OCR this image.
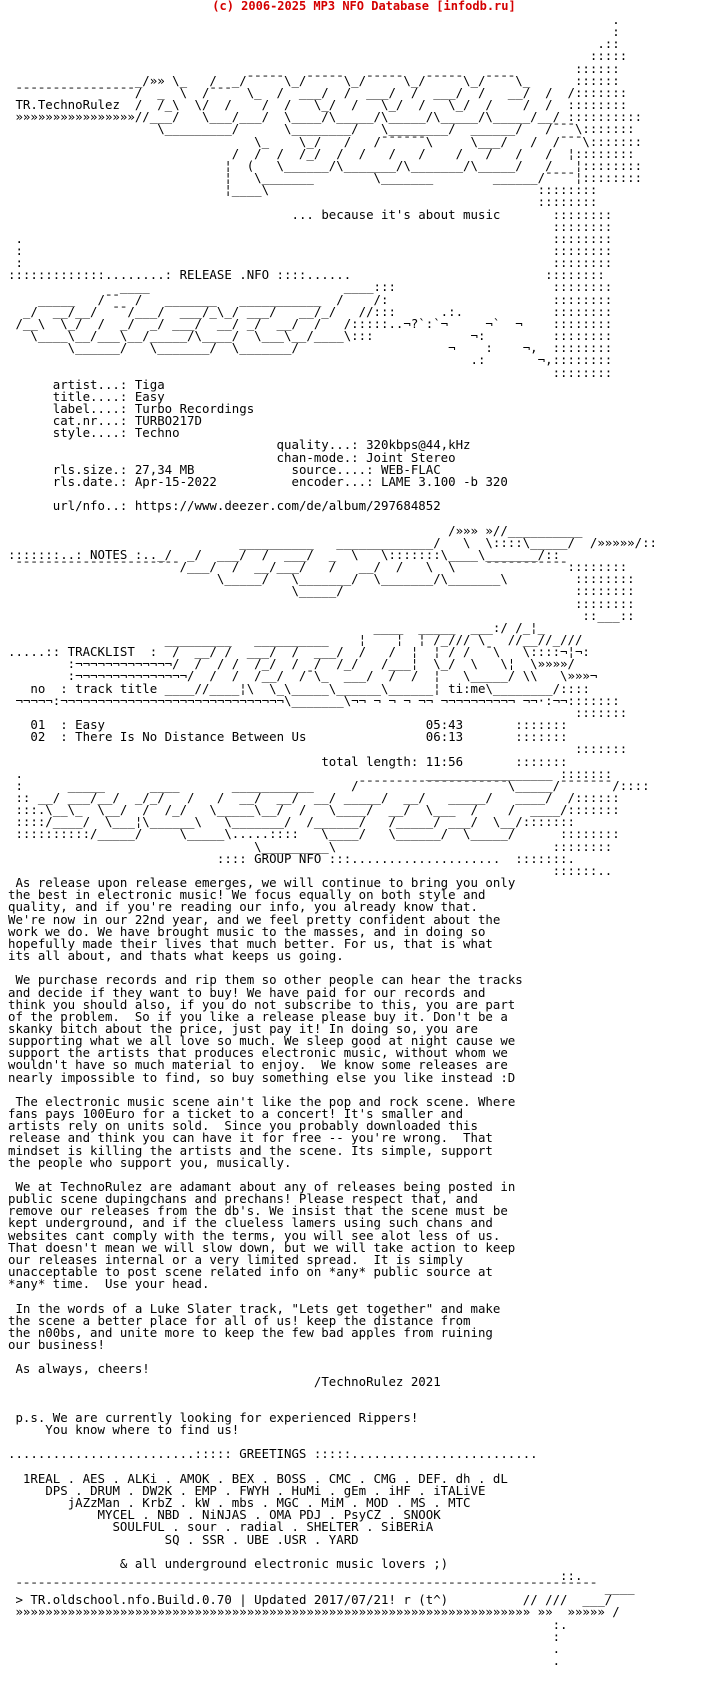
(c) 2006-2025 MP3 NFO Database [infodb.ru]
.
:
.::
:::::
::::::
_/»» \_   /  _/¯¯¯¯¯\_/¯¯¯¯¯\_/¯¯¯¯¯\_/¯¯¯¯¯\_/¯¯¯¯\_      ::::::
¯¯¯¯¯¯¯¯¯¯¯¯¯¯¯¯/  _  \  /¯¯¯  \_  /  ___/  /  ___/  /  ___/  /   __/  /  /:::::::
TR.TechnoRulez  /  /_\  \/  /    /  /   \_/  /   \_/  /   \_/  /    /  /  ::::::::
»»»»»»»»»»»»»»»»//___/   \___/___/  \____/\_____/\_____/\_____/\_____/__/ ::::::::::
\_________/      \________/   \________/  ______/   /¯¯¯\:::::::
\_    \_/   /   /¯¯¯¯¯¯\     \___/   /  /¯¯¯\:::::::
/  /  /  /_/  /  /   /   /    /   /   /   /  ¦::::::::
¦  (   \______/\_______/\_______/\_____/   /   ¦::::::::
¦   \_______        \_______        ______/¯¯¯¯¦::::::::
¦____\                                    ::::::::
::::::::
... because it's about music	::::::::
::::::::
.                                                                       ::::::::
:                                                                       ::::::::
:                                                                       ::::::::
:::::::::::::........: RELEASE .NFO ::::......	::::::::
____                          ____:::                     ::::::::
_____   /¯¯  /   _______   ___________  /    /:                      ::::::::
_/  __/__/  ¯¯/___/  ___/_\_/ ___/   __/_/   //:::      .:.            ::::::::
/__\  \_/  /  _/  _/ ___/  __/ _/  __/  /   /:::::..¬?`:`¬     ¬`  ¬    ::::::::
\____\__/___\__/_____/\____/  \___\__/____\:::             ¬:         ::::::::
\______/   \_______/  \_______/                    ¬    :    ¬,  ::::::::
.:       ¬,::::::::
::::::::
artist...: Tiga
title....: Easy
label....: Turbo Recordings
cat.nr...: TURBO217D
style....: Techno
quality...: 320kbps@44,kHz
chan-mode.: Joint Stereo
rls.size.: 27,34 MB             source....: WEB-FLAC
rls.date.: Apr-15-2022          encoder...: LAME 3.100 -b 320

url/nfo..: https://www.deezer.com/de/album/297684852

/»»» »//__________
__________   _____________/   \  \::::\_____/  /»»»»»/::
:::::::..: NOTES :.._/  _/  ___/  /  ___/  _  \   \:::::::\____\_______/::
¯¯¯¯¯¯¯¯¯¯¯¯¯¯¯¯¯¯¯¯¯¯/___/  /  __/___/   /   __/  /   \  \    ¯¯¯¯¯¯¯¯¯¯¯::::::::
\_____/   \_______/  \_______/\_______\         ::::::::
\_____/                               ::::::::
::::::::
::___::
____  _____  ___:/ /_¦_
_________   __________    ¦    ¦  ¦ /_/// \   //__//_///
.....:: TRACKLIST  :  /  __/ /  ___/  /  ___/  /   /  ¦  ¦ / /  ¯\   \::::¬¦¬:
:¬¬¬¬¬¬¬¬¬¬¬¬¬/  /  / /  /_/  /  /  /_/   /___¦  \_/  \   \¦  \»»»»/
:¬¬¬¬¬¬¬¬¬¬¬¬¬¬¬/  /  /  /__/  /¯\_  ___/  /  /  ¦   \_____/ \\   \»»»¬
no  : track title ____//____¦\  \_\_____\______\______¦ ti:me\________/::::
¬¬¬¬¬:¬¬¬¬¬¬¬¬¬¬¬¬¬¬¬¬¬¬¬¬¬¬¬¬¬¬¬¬¬¬\_______\¬¬ ¬ ¬ ¬ ¬¬ ¬¬¬¬¬¬¬¬¬¬ ¬¬·:¬¬:::::::
:::::::
01  : Easy	05:43	:::::::
02  : There Is No Distance Between Us	06:13	:::::::
:::::::
total length: 11:56	:::::::
.                                                      _________________ :::::::
:      _____      ____       ___________     /¯¯¯¯¯¯¯¯¯¯¯¯¯¯¯¯¯¯¯¯\_____/¯¯¯¯¯¯¯/::::
:: __/ ___/__/  _/_/   /   /  __/  __/  __/ _____/  __/   _____/   ____/  /::::::
:::.\__\_  \__/  /  /_/   \_____\__/  /   \____/  __/  \___  /    /  ____/:::::::
::::/____/  \___¦\______\   \_______/  /______/   /_____/ ___/  \__/:::::::
::::::::::/_____/     \_____\.....::::   \____/   \______/  \_____/      ::::::::
\_________\                             ::::::::
:::: GROUP NFO :::....................  :::::::.
::::::..
As release upon release emerges, we will continue to bring you only
the best in electronic music! We focus equally on both style and
quality, and if you're reading our info, you already know that.
We're now in our 22nd year, and we feel pretty confident about the
work we do. We have brought music to the masses, and in doing so
hopefully made their lives that much better. For us, that is what
its all about, and thats what keeps us going.

We purchase records and rip them so other people can hear the tracks
and decide if they want to buy! We have paid for our records and
think you should also, if you do not subscribe to this, you are part
of the problem.  So if you like a release please buy it. Don't be a
skanky bitch about the price, just pay it! In doing so, you are
supporting what we all love so much. We sleep good at night cause we
support the artists that produces electronic music, without whom we
wouldn't have so much material to enjoy.  We know some releases are
nearly impossible to find, so buy something else you like instead :D

The electronic music scene ain't like the pop and rock scene. Where
fans pays 100Euro for a ticket to a concert! It's smaller and
artists rely on units sold.  Since you probably downloaded this
release and think you can have it for free -- you're wrong.  That
mindset is killing the artists and the scene. Its simple, support
the people who support you, musically.

We at TechnoRulez are adamant about any of releases being posted in
public scene dupingchans and prechans! Please respect that, and
remove our releases from the db's. We insist that the scene must be
kept underground, and if the clueless lamers using such chans and
websites cant comply with the terms, you will see alot less of us.
That doesn't mean we will slow down, but we will take action to keep
our releases internal or a very limited spread.  It is simply
unacceptable to post scene related info on *any* public source at
*any* time.  Use your head.

In the words of a Luke Slater track, "Lets get together" and make
the scene a better place for all of us! keep the distance from
the n00bs, and unite more to keep the few bad apples from ruining
our business!

As always, cheers!
/TechnoRulez 2021

p.s. We are currently looking for experienced Rippers!
You know where to find us!

.........................::::: GREETINGS :::::.........................

1REAL . AES . ALKi . AMOK . BEX . BOSS . CMC . CMG . DEF. dh . dL
DPS . DRUM . DW2K . EMP . FWYH . HuMi . gEm . iHF . iTALiVE
jAZzMan . KrbZ . kW . mbs . MGC . MiM . MOD . MS . MTC
MYCEL . NBD . NiNJAS . OMA PDJ . PsyCZ . SNOOK
SOULFUL . sour . radial . SHELTER . SiBERiA
SQ . SSR . UBE .USR . YARD

& all underground electronic music lovers ;)
::.
¯¯¯¯¯¯¯¯¯¯¯¯¯¯¯¯¯¯¯¯¯¯¯¯¯¯¯¯¯¯¯¯¯¯¯¯¯¯¯¯¯¯¯¯¯¯¯¯¯¯¯¯¯¯¯¯¯¯¯¯¯¯¯¯¯¯¯¯¯¯¯¯¯¯¯¯¯¯ ____
> TR.oldschool.nfo.Build.0.70 | Updated 2017/07/21! r (t^)	// ///  ___/
»»»»»»»»»»»»»»»»»»»»»»»»»»»»»»»»»»»»»»»»»»»»»»»»»»»»»»»»»»»»»»»»»»»»» »»  »»»»» /
:.
:
.
.
